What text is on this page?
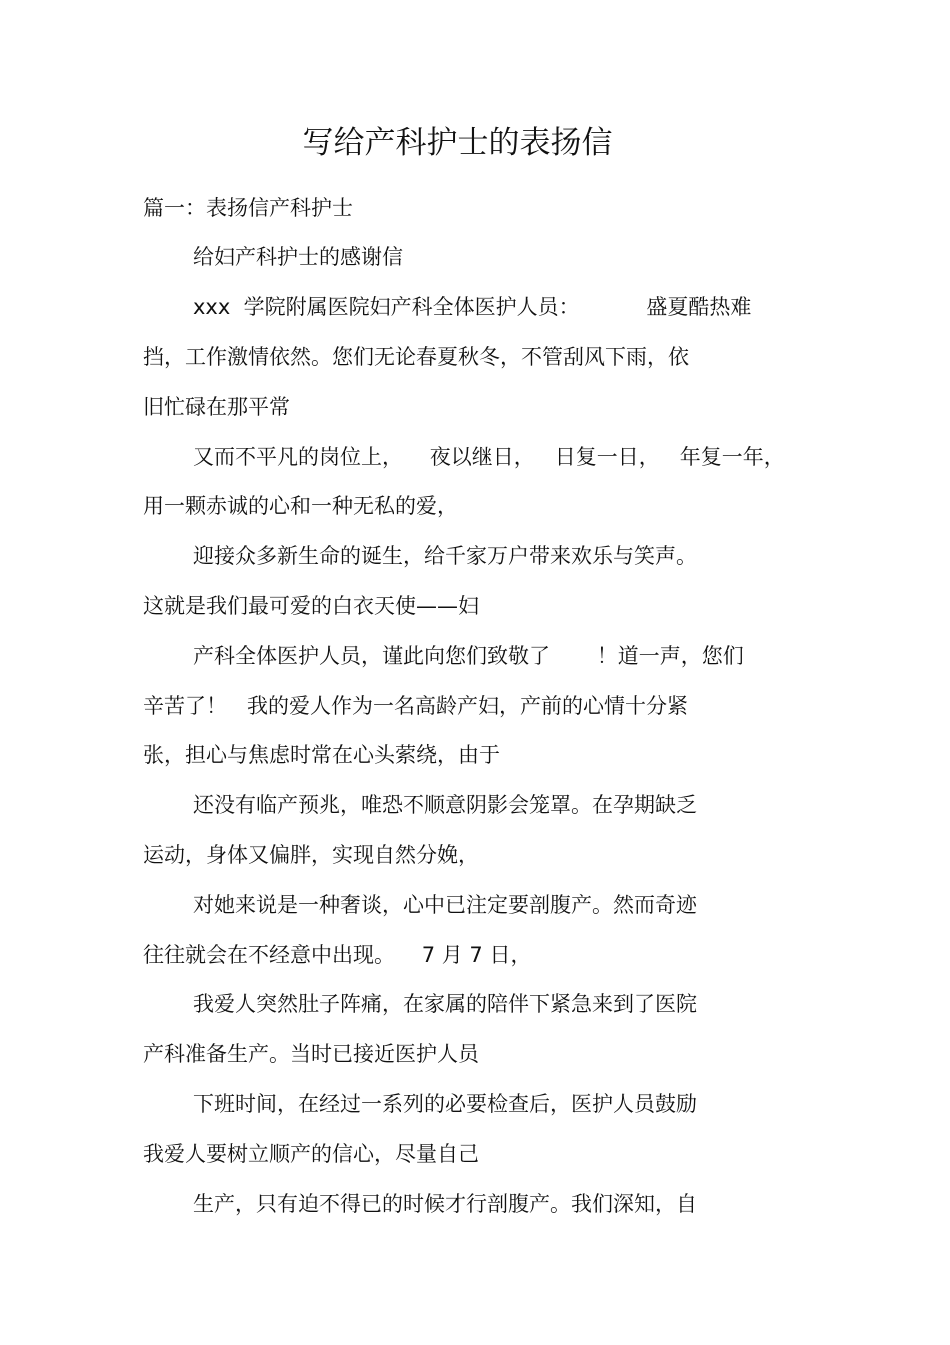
写给产科护士的表扬信

篇一：表扬信产科护士

给妇产科护士的感谢信

xxx  学院附属医院妇产科全体医护人员：          盛夏酷热难

挡，工作激情依然。您们无论春夏秋冬，不管刮风下雨，依

旧忙碌在那平常

又而不平凡的岗位上，    夜以继日，   日复一日，   年复一年，

用一颗赤诚的心和一种无私的爱，

迎接众多新生命的诞生，给千家万户带来欢乐与笑声。

这就是我们最可爱的白衣天使——妇

产科全体医护人员，谨此向您们致敬了       ！道一声，您们

辛苦了！   我的爱人作为一名高龄产妇，产前的心情十分紧

张，担心与焦虑时常在心头萦绕，由于

还没有临产预兆，唯恐不顺意阴影会笼罩。在孕期缺乏

运动，身体又偏胖，实现自然分娩，

对她来说是一种奢谈，心中已注定要剖腹产。然而奇迹

往往就会在不经意中出现。    7 月 7 日，

我爱人突然肚子阵痛，在家属的陪伴下紧急来到了医院

产科准备生产。当时已接近医护人员

下班时间，在经过一系列的必要检查后，医护人员鼓励

我爱人要树立顺产的信心，尽量自己

生产，只有迫不得已的时候才行剖腹产。我们深知，自
